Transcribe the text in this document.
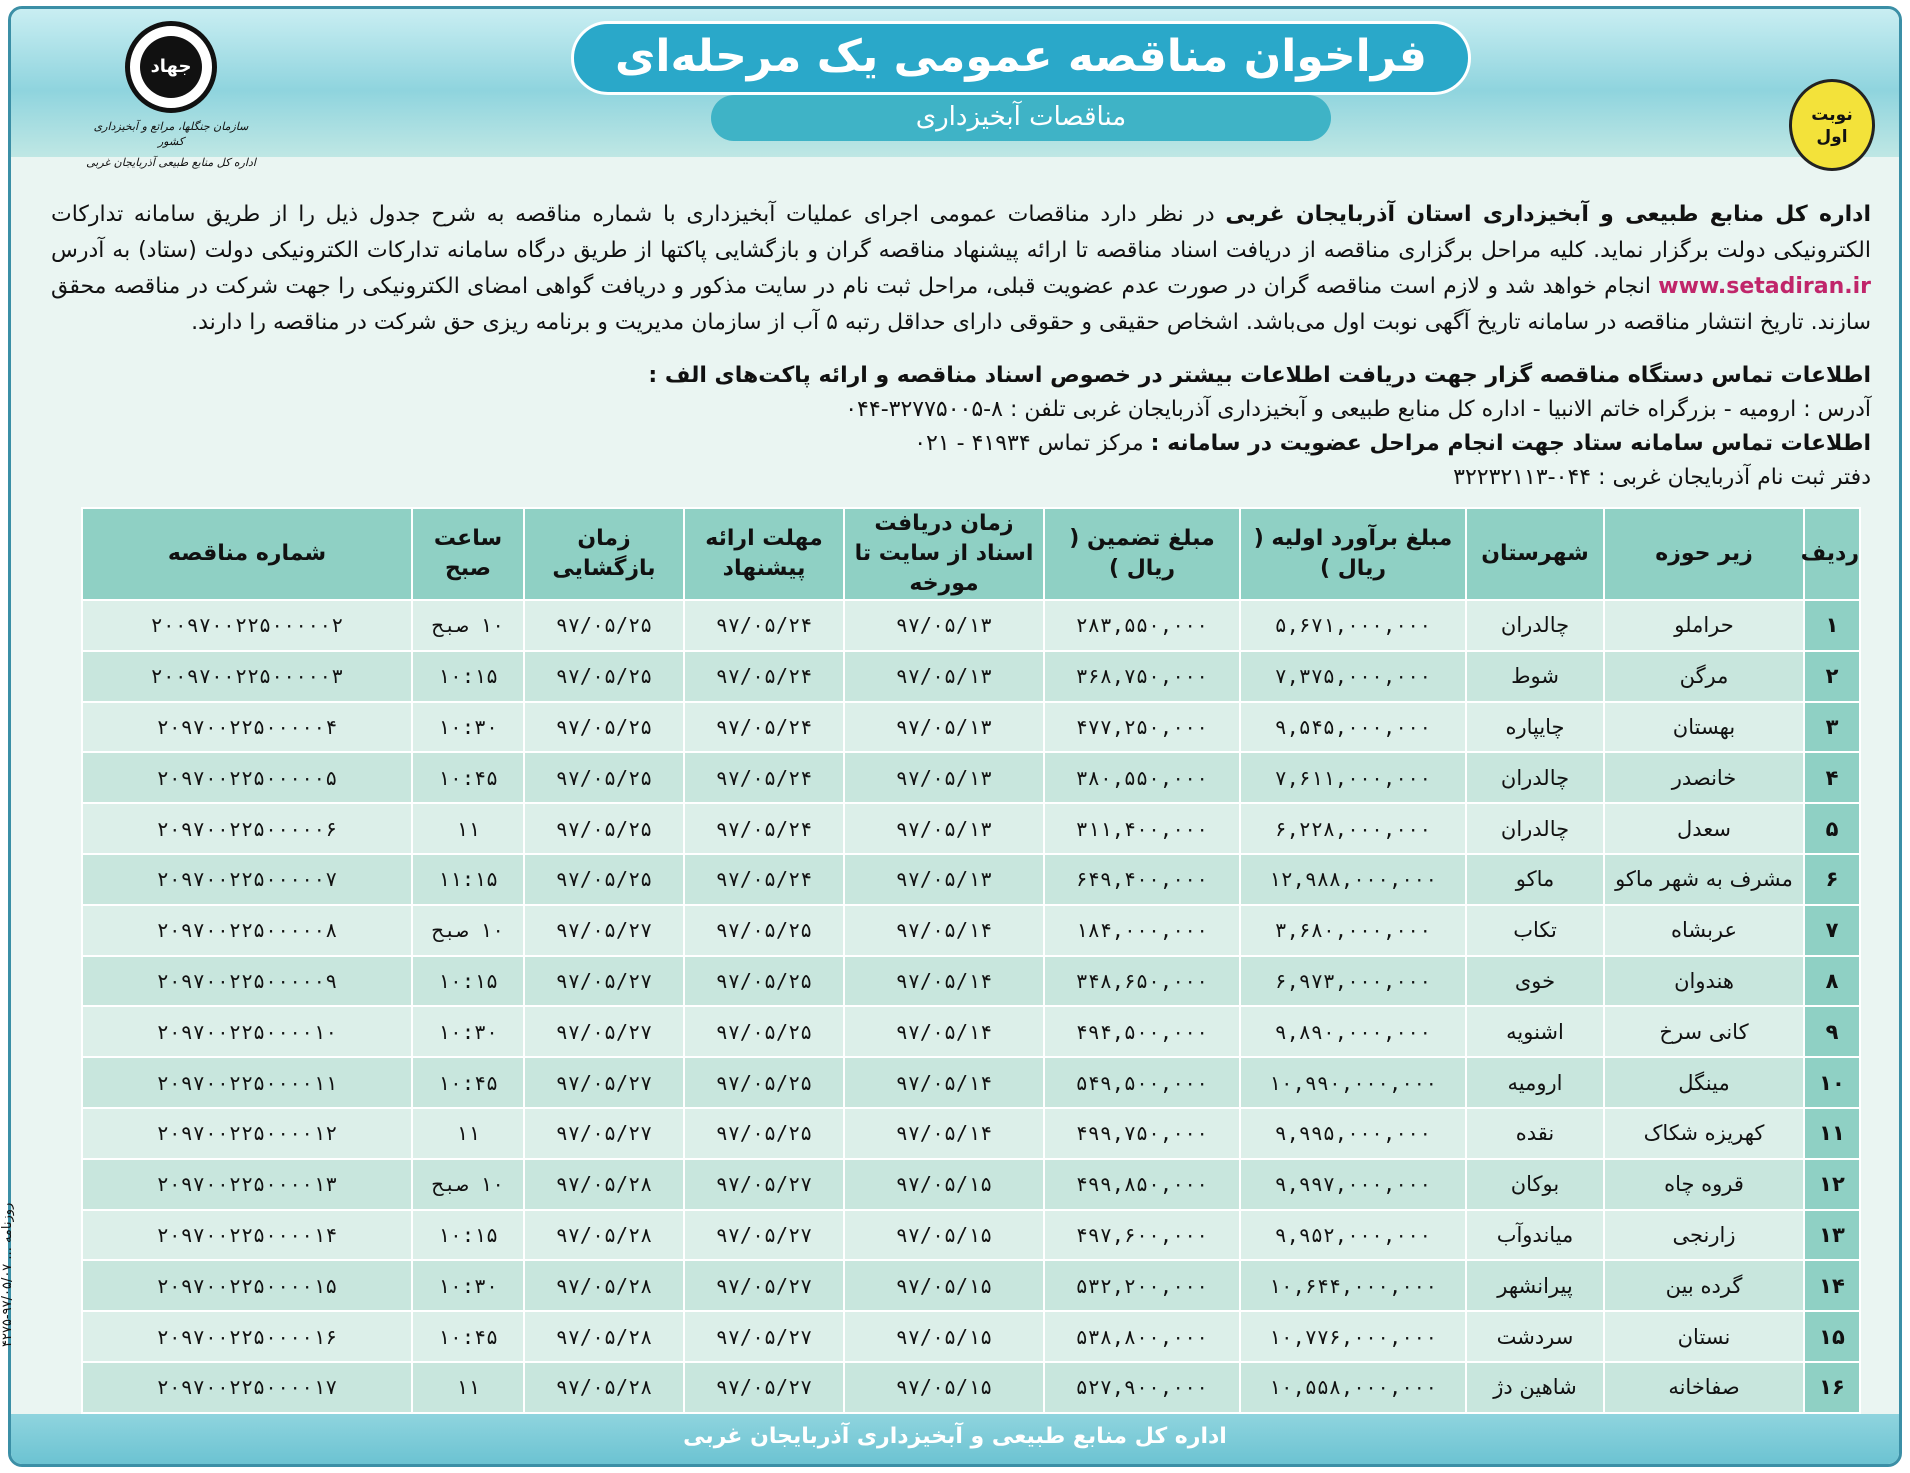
فراخوان مناقصه عمومی یک مرحله‌ای
مناقصات آبخیزداری
جهاد
سازمان جنگلها، مراتع و آبخیزداری کشور
اداره کل منابع طبیعی آذربایجان غربی
نوبت
اول

اداره کل منابع طبیعی و آبخیزداری استان آذربایجان غربی در نظر دارد مناقصات عمومی اجرای عملیات آبخیزداری با شماره مناقصه به شرح جدول ذیل را از طریق سامانه تدارکات الکترونیکی دولت برگزار نماید. کلیه مراحل برگزاری مناقصه از دریافت اسناد مناقصه تا ارائه پیشنهاد مناقصه گران و بازگشایی پاکتها از طریق درگاه سامانه تدارکات الکترونیکی دولت (ستاد) به آدرس www.setadiran.ir انجام خواهد شد و لازم است مناقصه گران در صورت عدم عضویت قبلی، مراحل ثبت نام در سایت مذکور و دریافت گواهی امضای الکترونیکی را جهت شرکت در مناقصه محقق سازند. تاریخ انتشار مناقصه در سامانه تاریخ آگهی نوبت اول می‌باشد. اشخاص حقیقی و حقوقی دارای حداقل رتبه ۵ آب از سازمان مدیریت و برنامه ریزی حق شرکت در مناقصه را دارند.

اطلاعات تماس دستگاه مناقصه گزار جهت دریافت اطلاعات بیشتر در خصوص اسناد مناقصه و ارائه پاکت‌های الف :
آدرس : ارومیه - بزرگراه خاتم الانبیا - اداره کل منابع طبیعی و آبخیزداری آذربایجان غربی تلفن : ۸-۳۲۷۷۵۰۰۵-۰۴۴
اطلاعات تماس سامانه ستاد جهت انجام مراحل عضویت در سامانه : مرکز تماس ۴۱۹۳۴ - ۰۲۱
دفتر ثبت نام آذربایجان غربی : ۰۴۴-۳۲۲۳۲۱۱۳
ردیف	زیر حوزه	شهرستان	مبلغ برآورد اولیه ( ریال )	مبلغ تضمین ( ریال )	زمان دریافت اسناد از سایت تا مورخه	مهلت ارائه پیشنهاد	زمان بازگشایی	ساعت صبح	شماره مناقصه
۱	حراملو	چالدران	۵,۶۷۱,۰۰۰,۰۰۰	۲۸۳,۵۵۰,۰۰۰	۹۷/۰۵/۱۳	۹۷/۰۵/۲۴	۹۷/۰۵/۲۵	۱۰ صبح	۲۰۰۹۷۰۰۲۲۵۰۰۰۰۰۲
۲	مرگن	شوط	۷,۳۷۵,۰۰۰,۰۰۰	۳۶۸,۷۵۰,۰۰۰	۹۷/۰۵/۱۳	۹۷/۰۵/۲۴	۹۷/۰۵/۲۵	۱۰:۱۵	۲۰۰۹۷۰۰۲۲۵۰۰۰۰۰۳
۳	بهستان	چایپاره	۹,۵۴۵,۰۰۰,۰۰۰	۴۷۷,۲۵۰,۰۰۰	۹۷/۰۵/۱۳	۹۷/۰۵/۲۴	۹۷/۰۵/۲۵	۱۰:۳۰	۲۰۹۷۰۰۲۲۵۰۰۰۰۰۴
۴	خانصدر	چالدران	۷,۶۱۱,۰۰۰,۰۰۰	۳۸۰,۵۵۰,۰۰۰	۹۷/۰۵/۱۳	۹۷/۰۵/۲۴	۹۷/۰۵/۲۵	۱۰:۴۵	۲۰۹۷۰۰۲۲۵۰۰۰۰۰۵
۵	سعدل	چالدران	۶,۲۲۸,۰۰۰,۰۰۰	۳۱۱,۴۰۰,۰۰۰	۹۷/۰۵/۱۳	۹۷/۰۵/۲۴	۹۷/۰۵/۲۵	۱۱	۲۰۹۷۰۰۲۲۵۰۰۰۰۰۶
۶	مشرف به شهر ماکو	ماکو	۱۲,۹۸۸,۰۰۰,۰۰۰	۶۴۹,۴۰۰,۰۰۰	۹۷/۰۵/۱۳	۹۷/۰۵/۲۴	۹۷/۰۵/۲۵	۱۱:۱۵	۲۰۹۷۰۰۲۲۵۰۰۰۰۰۷
۷	عربشاه	تکاب	۳,۶۸۰,۰۰۰,۰۰۰	۱۸۴,۰۰۰,۰۰۰	۹۷/۰۵/۱۴	۹۷/۰۵/۲۵	۹۷/۰۵/۲۷	۱۰ صبح	۲۰۹۷۰۰۲۲۵۰۰۰۰۰۸
۸	هندوان	خوی	۶,۹۷۳,۰۰۰,۰۰۰	۳۴۸,۶۵۰,۰۰۰	۹۷/۰۵/۱۴	۹۷/۰۵/۲۵	۹۷/۰۵/۲۷	۱۰:۱۵	۲۰۹۷۰۰۲۲۵۰۰۰۰۰۹
۹	کانی سرخ	اشنویه	۹,۸۹۰,۰۰۰,۰۰۰	۴۹۴,۵۰۰,۰۰۰	۹۷/۰۵/۱۴	۹۷/۰۵/۲۵	۹۷/۰۵/۲۷	۱۰:۳۰	۲۰۹۷۰۰۲۲۵۰۰۰۰۱۰
۱۰	مینگل	ارومیه	۱۰,۹۹۰,۰۰۰,۰۰۰	۵۴۹,۵۰۰,۰۰۰	۹۷/۰۵/۱۴	۹۷/۰۵/۲۵	۹۷/۰۵/۲۷	۱۰:۴۵	۲۰۹۷۰۰۲۲۵۰۰۰۰۱۱
۱۱	کهریزه شکاک	نقده	۹,۹۹۵,۰۰۰,۰۰۰	۴۹۹,۷۵۰,۰۰۰	۹۷/۰۵/۱۴	۹۷/۰۵/۲۵	۹۷/۰۵/۲۷	۱۱	۲۰۹۷۰۰۲۲۵۰۰۰۰۱۲
۱۲	قروه چاه	بوکان	۹,۹۹۷,۰۰۰,۰۰۰	۴۹۹,۸۵۰,۰۰۰	۹۷/۰۵/۱۵	۹۷/۰۵/۲۷	۹۷/۰۵/۲۸	۱۰ صبح	۲۰۹۷۰۰۲۲۵۰۰۰۰۱۳
۱۳	زارنجی	میاندوآب	۹,۹۵۲,۰۰۰,۰۰۰	۴۹۷,۶۰۰,۰۰۰	۹۷/۰۵/۱۵	۹۷/۰۵/۲۷	۹۷/۰۵/۲۸	۱۰:۱۵	۲۰۹۷۰۰۲۲۵۰۰۰۰۱۴
۱۴	گرده بین	پیرانشهر	۱۰,۶۴۴,۰۰۰,۰۰۰	۵۳۲,۲۰۰,۰۰۰	۹۷/۰۵/۱۵	۹۷/۰۵/۲۷	۹۷/۰۵/۲۸	۱۰:۳۰	۲۰۹۷۰۰۲۲۵۰۰۰۰۱۵
۱۵	نستان	سردشت	۱۰,۷۷۶,۰۰۰,۰۰۰	۵۳۸,۸۰۰,۰۰۰	۹۷/۰۵/۱۵	۹۷/۰۵/۲۷	۹۷/۰۵/۲۸	۱۰:۴۵	۲۰۹۷۰۰۲۲۵۰۰۰۰۱۶
۱۶	صفاخانه	شاهین دژ	۱۰,۵۵۸,۰۰۰,۰۰۰	۵۲۷,۹۰۰,۰۰۰	۹۷/۰۵/۱۵	۹۷/۰۵/۲۷	۹۷/۰۵/۲۸	۱۱	۲۰۹۷۰۰۲۲۵۰۰۰۰۱۷
اداره کل منابع طبیعی و آبخیزداری آذربایجان غربی
روزنامه ... ۹۷/۰۵/۰۷-۴۲۷۵
